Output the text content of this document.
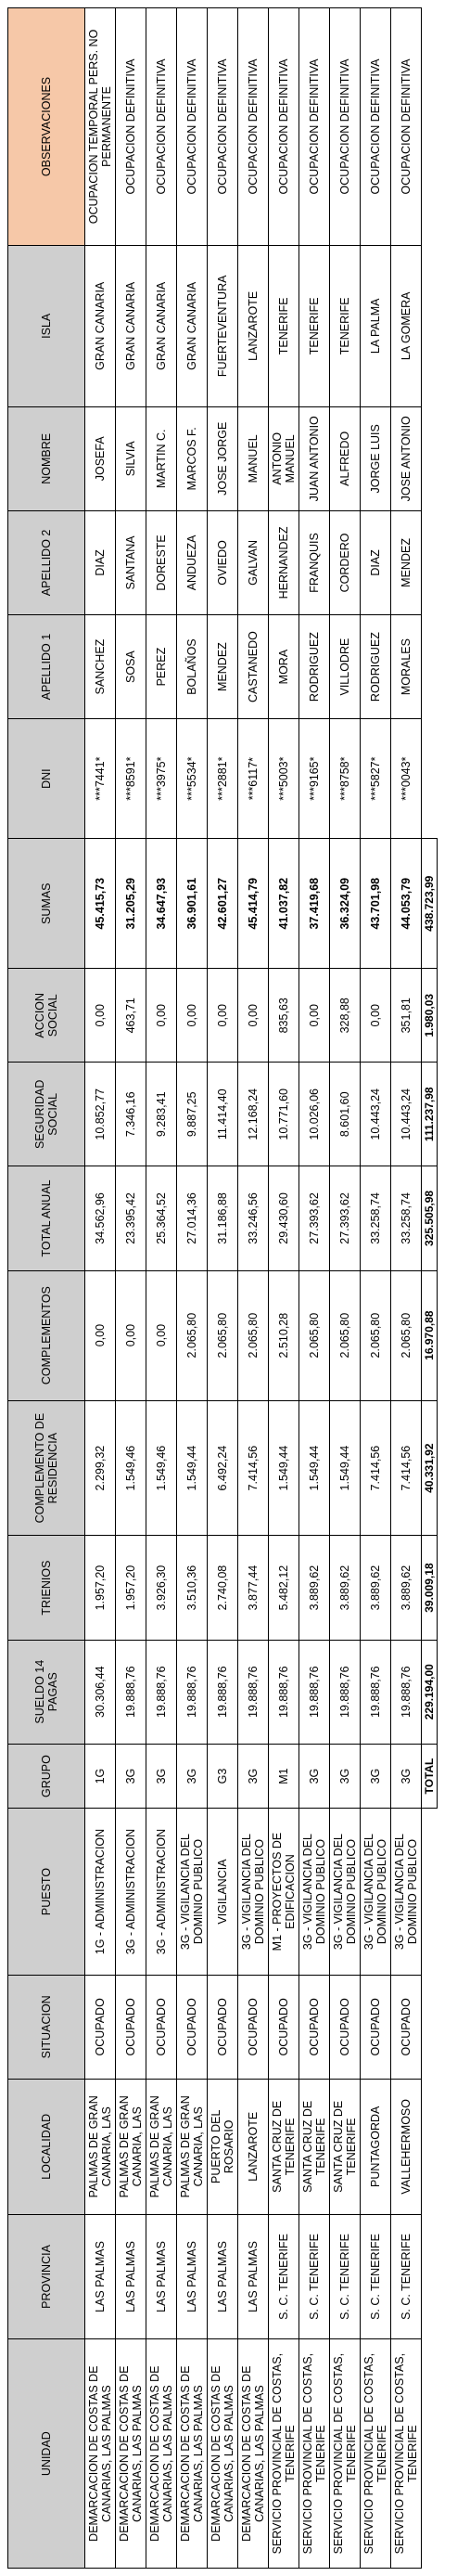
UNIDAD	PROVINCIA	LOCALIDAD	SITUACION	PUESTO	GRUPO	SUELDO 14 PAGAS	TRIENIOS	COMPLEMENTO DE RESIDENCIA	COMPLEMENTOS	TOTAL ANUAL	SEGURIDAD SOCIAL	ACCION SOCIAL	SUMAS	DNI	APELLIDO 1	APELLIDO 2	NOMBRE	ISLA	OBSERVACIONES
DEMARCACION DE COSTAS DE CANARIAS, LAS PALMAS	LAS PALMAS	PALMAS DE GRAN CANARIA, LAS	OCUPADO	1G - ADMINISTRACION	1G	30.306,44	1.957,20	2.299,32	0,00	34.562,96	10.852,77	0,00	45.415,73	***7441*	SANCHEZ	DIAZ	JOSEFA	GRAN CANARIA	OCUPACION TEMPORAL PERS. NO PERMANENTE
DEMARCACION DE COSTAS DE CANARIAS, LAS PALMAS	LAS PALMAS	PALMAS DE GRAN CANARIA, LAS	OCUPADO	3G - ADMINISTRACION	3G	19.888,76	1.957,20	1.549,46	0,00	23.395,42	7.346,16	463,71	31.205,29	***8591*	SOSA	SANTANA	SILVIA	GRAN CANARIA	OCUPACION DEFINITIVA
DEMARCACION DE COSTAS DE CANARIAS, LAS PALMAS	LAS PALMAS	PALMAS DE GRAN CANARIA, LAS	OCUPADO	3G - ADMINISTRACION	3G	19.888,76	3.926,30	1.549,46	0,00	25.364,52	9.283,41	0,00	34.647,93	***3975*	PEREZ	DORESTE	MARTIN C.	GRAN CANARIA	OCUPACION DEFINITIVA
DEMARCACION DE COSTAS DE CANARIAS, LAS PALMAS	LAS PALMAS	PALMAS DE GRAN CANARIA, LAS	OCUPADO	3G - VIGILANCIA DEL DOMINIO PUBLICO	3G	19.888,76	3.510,36	1.549,44	2.065,80	27.014,36	9.887,25	0,00	36.901,61	***5534*	BOLAÑOS	ANDUEZA	MARCOS F.	GRAN CANARIA	OCUPACION DEFINITIVA
DEMARCACION DE COSTAS DE CANARIAS, LAS PALMAS	LAS PALMAS	PUERTO DEL ROSARIO	OCUPADO	VIGILANCIA	G3	19.888,76	2.740,08	6.492,24	2.065,80	31.186,88	11.414,40	0,00	42.601,27	***2881*	MENDEZ	OVIEDO	JOSE JORGE	FUERTEVENTURA	OCUPACION DEFINITIVA
DEMARCACION DE COSTAS DE CANARIAS, LAS PALMAS	LAS PALMAS	LANZAROTE	OCUPADO	3G - VIGILANCIA DEL DOMINIO PUBLICO	3G	19.888,76	3.877,44	7.414,56	2.065,80	33.246,56	12.168,24	0,00	45.414,79	***6117*	CASTANEDO	GALVAN	MANUEL	LANZAROTE	OCUPACION DEFINITIVA
SERVICIO PROVINCIAL DE COSTAS, TENERIFE	S. C. TENERIFE	SANTA CRUZ DE TENERIFE	OCUPADO	M1 - PROYECTOS DE EDIFICACION	M1	19.888,76	5.482,12	1.549,44	2.510,28	29.430,60	10.771,60	835,63	41.037,82	***5003*	MORA	HERNANDEZ	ANTONIO MANUEL	TENERIFE	OCUPACION DEFINITIVA
SERVICIO PROVINCIAL DE COSTAS, TENERIFE	S. C. TENERIFE	SANTA CRUZ DE TENERIFE	OCUPADO	3G - VIGILANCIA DEL DOMINIO PUBLICO	3G	19.888,76	3.889,62	1.549,44	2.065,80	27.393,62	10.026,06	0,00	37.419,68	***9165*	RODRIGUEZ	FRANQUIS	JUAN ANTONIO	TENERIFE	OCUPACION DEFINITIVA
SERVICIO PROVINCIAL DE COSTAS, TENERIFE	S. C. TENERIFE	SANTA CRUZ DE TENERIFE	OCUPADO	3G - VIGILANCIA DEL DOMINIO PUBLICO	3G	19.888,76	3.889,62	1.549,44	2.065,80	27.393,62	8.601,60	328,88	36.324,09	***8758*	VILLODRE	CORDERO	ALFREDO	TENERIFE	OCUPACION DEFINITIVA
SERVICIO PROVINCIAL DE COSTAS, TENERIFE	S. C. TENERIFE	PUNTAGORDA	OCUPADO	3G - VIGILANCIA DEL DOMINIO PUBLICO	3G	19.888,76	3.889,62	7.414,56	2.065,80	33.258,74	10.443,24	0,00	43.701,98	***5827*	RODRIGUEZ	DIAZ	JORGE LUIS	LA PALMA	OCUPACION DEFINITIVA
SERVICIO PROVINCIAL DE COSTAS, TENERIFE	S. C. TENERIFE	VALLEHERMOSO	OCUPADO	3G - VIGILANCIA DEL DOMINIO PUBLICO	3G	19.888,76	3.889,62	7.414,56	2.065,80	33.258,74	10.443,24	351,81	44.053,79	***0043*	MORALES	MENDEZ	JOSE ANTONIO	LA GOMERA	OCUPACION DEFINITIVA
					TOTAL	229.194,00	39.009,18	40.331,92	16.970,88	325.505,98	111.237,98	1.980,03	438.723,99						
